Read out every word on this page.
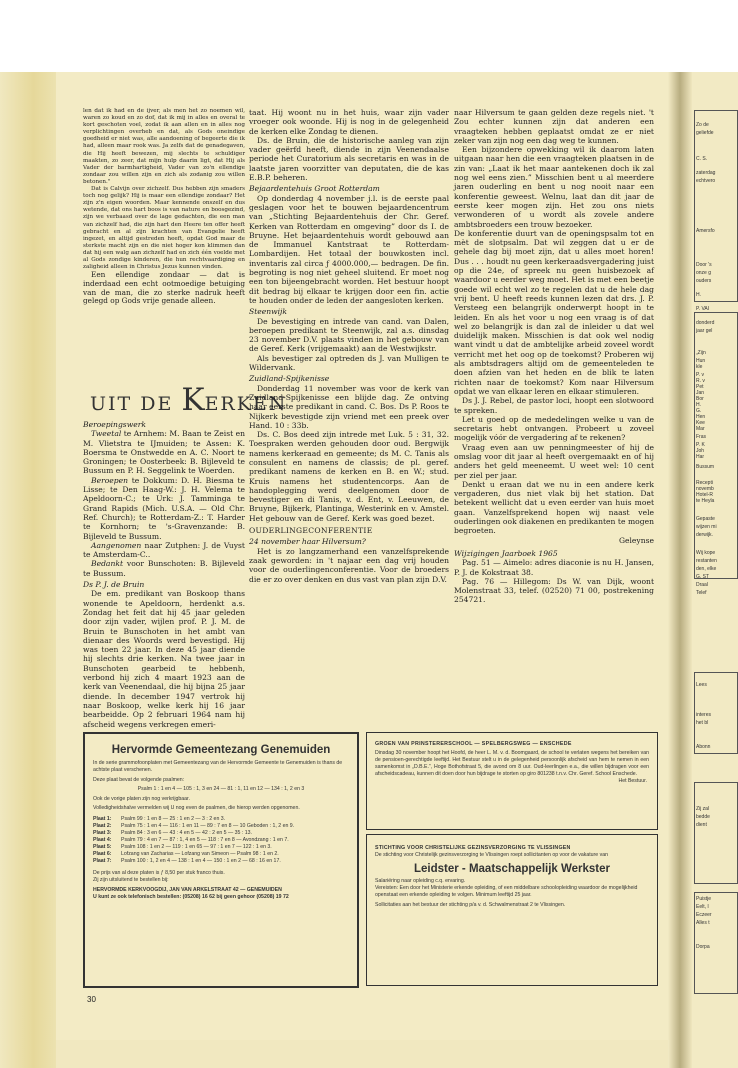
len dat ik had en de ijver, als men het zo noemen wil, waren zo koud en zo dof, dat ik mij in alles en overal te kort geschoten voel, zodat ik aan allen en in alles nog verplichtingen overheb en dat, als Gods oneindige goedheid er niet was, alle aandoening of begeerte die ik had, alleen maar rook was. Ja zelfs dat de genadegaven, die Hij heeft bewezen, mij slechts te schuldiger maakten, zo zeer, dat mijn hulp daarin ligt, dat Hij als Vader der barmhartigheid, Vader van zo'n ellendige zondaar zou willen zijn en zich als zodanig zou willen betonen."

Dat is Calvijn over zichzelf. Dus hebben zijn smaders toch nog gelijk? Hij is maar een ellendige zondaar? Het zijn z'n eigen woorden. Maar kennende onszelf en dus wetende, dat ons hart boos is van nature en boosgezind, zijn we verbaasd over de lage gedachten, die een man van zichzelf had, die zijn hart den Heere ten offer heeft gebracht en al zijn krachten van Evangelie heeft ingezet, en altijd gestreden heeft, opdat God maar de sterkste macht zijn en die niet hoger kon klimmen dan dat hij een walg aan zichzelf had en zich één voelde met al Gods zondige kinderen, die hun rechtvaardiging en zaligheid alleen in Christus Jezus kunnen vinden.

Een ellendige zondaar — dat is inderdaad een echt ootmoedige betuiging van de man, die zo sterke nadruk heeft gelegd op Gods vrije genade alleen.

UIT DE KERKEN

Beroepingswerk

Tweetal te Arnhem: M. Baan te Zeist en M. Vlietstra te IJmuiden; te Assen: K. Boersma te Onstwedde en A. C. Noort te Groningen; te Oosterbeek: B. Bijleveld te Bussum en P. H. Seggelink te Woerden.

Beroepen te Dokkum: D. H. Biesma te Lisse; te Den Haag-W.: J. H. Velema te Apeldoorn-C.; te Urk: J. Tamminga te Grand Rapids (Mich. U.S.A. — Old Chr. Ref. Church); te Rotterdam-Z.: T. Harder te Kornhorn; te 's-Gravenzande: B. Bijleveld te Bussum.

Aangenomen naar Zutphen: J. de Vuyst te Amsterdam-C..

Bedankt voor Bunschoten: B. Bijleveld te Bussum.

Ds P. J. de Bruin

De em. predikant van Boskoop thans wonende te Apeldoorn, herdenkt a.s. Zondag het feit dat hij 45 jaar geleden door zijn vader, wijlen prof. P. J. M. de Bruin te Bunschoten in het ambt van dienaar des Woords werd bevestigd. Hij was toen 22 jaar. In deze 45 jaar diende hij slechts drie kerken. Na twee jaar in Bunschoten gearbeid te hebbenh, verbond hij zich 4 maart 1923 aan de kerk van Veenendaal, die hij bijna 25 jaar diende. In december 1947 vertrok hij naar Boskoop, welke kerk hij 16 jaar bearbeidde. Op 2 februari 1964 nam hij afscheid wegens verkregen emeri-

taat. Hij woont nu in het huis, waar zijn vader vroeger ook woonde. Hij is nog in de gelegenheid de kerken elke Zondag te dienen.

Ds. de Bruin, die de historische aanleg van zijn vader geërfd heeft, diende in zijn Veenendaalse periode het Curatorium als secretaris en was in de laatste jaren voorzitter van deputaten, die de kas E.B.P. beheren.

Bejaardentehuis Groot Rotterdam

Op donderdag 4 november j.l. is de eerste paal geslagen voor het te bouwen bejaardencentrum van „Stichting Bejaardentehuis der Chr. Geref. Kerken van Rotterdam en omgeving” door ds I. de Bruyne. Het bejaardentehuis wordt gebouwd aan de Immanuel Kantstraat te Rotterdam-Lombardijen. Het totaal der bouwkosten incl. inventaris zal circa ƒ 4000.000,— bedragen. De fin. begroting is nog niet geheel sluitend. Er moet nog een ton bijeengebracht worden. Het bestuur hoopt dit bedrag bij elkaar te krijgen door een fin. actie te houden onder de leden der aangesloten kerken.

Steenwijk

De bevestiging en intrede van cand. van Dalen, beroepen predikant te Steenwijk, zal a.s. dinsdag 23 november D.V. plaats vinden in het gebouw van de Geref. Kerk (vrijgemaakt) aan de Westwijkstr.

Als bevestiger zal optreden ds J. van Mulligen te Wildervank.

Zuidland-Spijkenisse

Donderdag 11 november was voor de kerk van Zuidland-Spijkenisse een blijde dag. Ze ontving haar eerste predikant in cand. C. Bos. Ds P. Roos te Nijkerk bevestigde zijn vriend met een preek over Hand. 10 : 33b.

Ds. C. Bos deed zijn intrede met Luk. 5 : 31, 32. Toespraken werden gehouden door oud. Bergwijk namens kerkeraad en gemeente; ds M. C. Tanis als consulent en namens de classis; de pl. geref. predikant namens de kerken en B. en W.; stud. Kruis namens het studentencorps. Aan de handoplegging werd deelgenomen door de bevestiger en di Tanis, v. d. Ent, v. Leeuwen, de Bruyne, Bijkerk, Plantinga, Westerink en v. Amstel. Het gebouw van de Geref. Kerk was goed bezet.

OUDERLINGECONFERENTIE

24 november haar Hilversum?

Het is zo langzamerhand een vanzelfsprekende zaak geworden: in 't najaar een dag vrij houden voor de ouderlingenconferentie. Voor de broeders die er zo over denken en dus vast van plan zijn D.V.

naar Hilversum te gaan gelden deze regels niet. 't Zou echter kunnen zijn dat anderen een vraagteken hebben geplaatst omdat ze er niet zeker van zijn nog een dag weg te kunnen.

Een bijzondere opwekking wil ik daarom laten uitgaan naar hen die een vraagteken plaatsen in de zin van: „Laat ik het maar aantekenen doch ik zal nog wel eens zien.” Misschien bent u al meerdere jaren ouderling en bent u nog nooit naar een konferentie geweest. Welnu, laat dan dit jaar de eerste keer mogen zijn. Het zou ons niets verwonderen of u wordt als zovele andere ambtsbroeders een trouw bezoeker.

De konferentie duurt van de openingspsalm tot en mèt de slotpsalm. Dat wil zeggen dat u er de gehele dag bij moet zijn, dat u alles moet horen! Dus . . . houdt nu geen kerkeraadsvergadering juist op die 24e, of spreek nu geen huisbezoek af waardoor u eerder weg moet. Het is met een beetje goede wil echt wel zo te regelen dat u de hele dag vrij bent. U heeft reeds kunnen lezen dat drs. J. P. Versteeg een belangrijk onderwerpt hoopt in te leiden. En als het voor u nog een vraag is of dat wel zo belangrijk is dan zal de inleider u dat wel duidelijk maken. Misschien is dat ook wel nodig want vindt u dat de ambtelijke arbeid zoveel wordt verricht met het oog op de toekomst? Proberen wij als ambtsdragers altijd om de gemeenteleden te doen afzien van het heden en de blik te laten richten naar de toekomst? Kom naar Hilversum opdat we van elkaar leren en elkaar stimuleren.

Ds J. J. Rebel, de pastor loci, hoopt een slotwoord te spreken.

Let u goed op de mededelingen welke u van de secretaris hebt ontvangen. Probeert u zoveel mogelijk vóór de vergadering af te rekenen?

Vraag even aan uw penningmeester of hij de omslag voor dit jaar al heeft overgemaakt en of hij anders het geld meeneemt. U weet wel: 10 cent per ziel per jaar.

Denkt u eraan dat we nu in een andere kerk vergaderen, dus niet vlak bij het station. Dat betekent wellicht dat u even eerder van huis moet gaan. Vanzelfsprekend hopen wij naast vele ouderlingen ook diakenen en predikanten te mogen begroeten.

Geleynse

Wijzigingen Jaarboek 1965

Pag. 51 — Aimelo: adres diaconie is nu H. Jansen, P. J. de Kokstraat 38.

Pag. 76 — Hillegom: Ds W. van Dijk, woont Molenstraat 33, telef. (02520) 71 00, postrekening 254721.

Hervormde Gemeentezang Genemuiden
In de serie grammofoonplaten met Gemeentezang van de Hervormde Gemeente te Genemuiden is thans de achtste plaat verschenen.
Deze plaat bevat de volgende psalmen:
Psalm 1 : 1 en 4 — 105 : 1, 3 en 24 — 81 : 1, 11 en 12 — 134 : 1, 2 en 3
Ook de vorige platen zijn nog verkrijgbaar.
Volledigheidshalve vermelden wij U nog even de psalmen, die hierop werden opgenomen.
Plaat 1:	Psalm 99 : 1 en 8 — 25 : 1 en 2 — 3 : 2 en 3.
Plaat 2:	Psalm 75 : 1 en 4 — 116 : 1 en 11 — 89 : 7 en 8 — 10 Geboden : 1, 2 en 9.
Plaat 3:	Psalm 84 : 3 en 6 — 43 : 4 en 5 — 42 : 2 en 5 — 35 : 13.
Plaat 4:	Psalm 79 : 4 en 7 — 87 : 1, 4 en 5 — 118 : 7 en 8 — Avondzang : 1 en 7.
Plaat 5:	Psalm 108 : 1 en 2 — 119 : 1 en 65 — 97 : 1 en 7 — 122 : 1 en 3.
Plaat 6:	Lofzang van Zacharias — Lofzang van Simeon — Psalm 98 : 1 en 2.
Plaat 7:	Psalm 100 : 1, 2 en 4 — 138 : 1 en 4 — 150 : 1 en 2 — 68 : 16 en 17.
De prijs van al deze platen is ƒ 8,50 per stuk franco thuis.
Zij zijn uitsluitend te bestellen bij:
HERVORMDE KERKVOOGDIJ, JAN VAN ARKELSTRAAT 42 — GENEMUIDEN
U kunt ze ook telefonisch bestellen: (05208) 16 62 bij geen gehoor (05208) 19 72
GROEN VAN PRINSTERERSCHOOL — SPELBERGSWEG — ENSCHEDE
Dinsdag 30 november hoopt het Hoofd, de heer L. M. v. d. Boomgaard, de school te verlaten wegens het bereiken van de pensioen-gerechtigde leeftijd. Het Bestuur stelt u in de gelegenheid persoonlijk afscheid van hem te nemen in een samenkomst in „D.B.E.”, Hoge Bothofstraat 5, die avond om 8 uur. Oud-leerlingen e.a., die willen bijdragen voor een afscheidscadeau, kunnen dit doen door hun bijdrage te storten op giro 801238 t.n.v. Chr. Geref. School Enschede.
Het Bestuur.
STICHTING VOOR CHRISTELIJKE GEZINSVERZORGING TE VLISSINGEN
De stichting voor Christelijk gezinsverzorging te Vlissingen roept sollicitanten op voor de vakature van
Leidster - Maatschappelijk Werkster
Salariëring naar opleiding c.q. ervaring.
Vereisten: Een door het Ministerie erkende opleiding, of een middelbare schoolopleiding waardoor de mogelijkheid openstaat een erkende opleiding te volgen. Minimum leeftijd 25 jaar.
Sollicitaties aan het bestuur der stichting p/a v. d. Schwalmenstraat 2 te Vlissingen.
30
Zo de
geliefde
C. S.
zaterdag
echtvero
Amersfo
Door 's
onze g
ouders
H.
P. VAI
donderd
jaar gel
„Zijn
Hun
kle
P. v
R. v
Pet
Jan
Bor
H.
G.
Hen
Kee
Mar
Fras
P. K
Joh
Har
Bussum
Recepti
novemb
Hotel-R
te Heyla
Gepaste
wijzen mi
derwijk.
Wij kope
restanten
den, elke
G. ST
Draal
Telef
Lees
interes
het bl
Abonn
Zij zal
bedde
dient
Puistje
Eelt, I
Eczeer
Alles t
Dorpa
